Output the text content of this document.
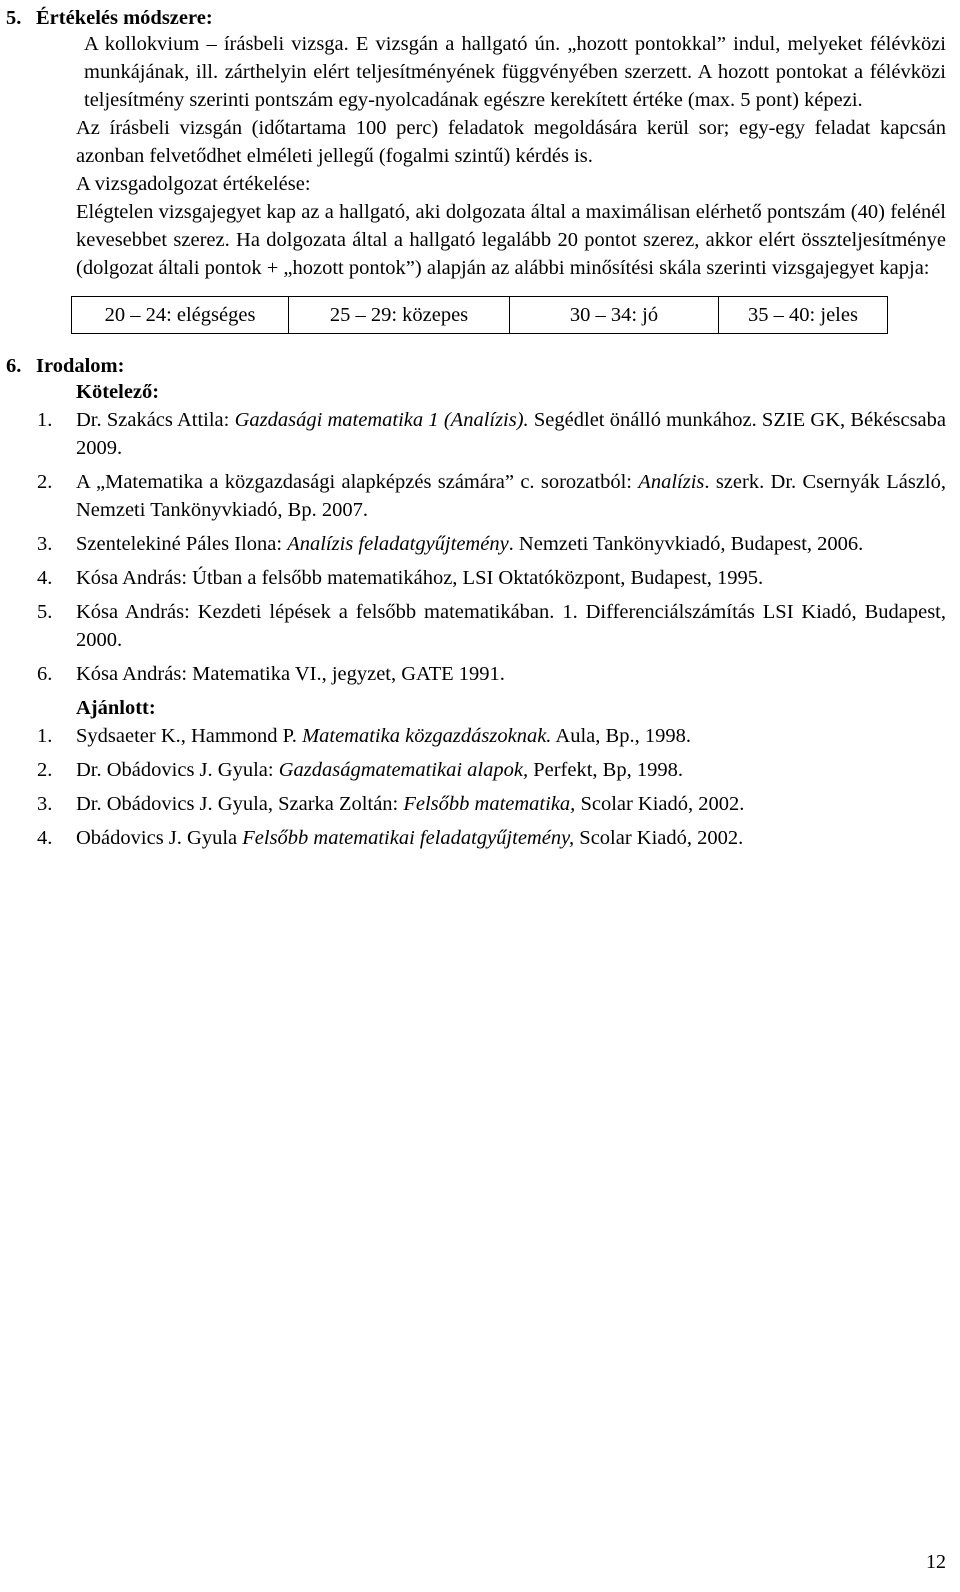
5. Értékelés módszere:

A kollokvium – írásbeli vizsga. E vizsgán a hallgató ún. „hozott pontokkal” indul, melyeket félévközi munkájának, ill. zárthelyin elért teljesítményének függvényében szerzett. A hozott pontokat a félévközi teljesítmény szerinti pontszám egy-nyolcadának egészre kerekített értéke (max. 5 pont) képezi.

Az írásbeli vizsgán (időtartama 100 perc) feladatok megoldására kerül sor; egy-egy feladat kapcsán azonban felvetődhet elméleti jellegű (fogalmi szintű) kérdés is.

A vizsgadolgozat értékelése:

Elégtelen vizsgajegyet kap az a hallgató, aki dolgozata által a maximálisan elérhető pontszám (40) felénél kevesebbet szerez. Ha dolgozata által a hallgató legalább 20 pontot szerez, akkor elért összteljesítménye (dolgozat általi pontok + „hozott pontok”) alapján az alábbi minősítési skála szerinti vizsgajegyet kapja:

20 – 24: elégséges	25 – 29: közepes	30 – 34: jó	35 – 40: jeles
6. Irodalom:
Kötelező:
1. Dr. Szakács Attila: Gazdasági matematika 1 (Analízis). Segédlet önálló munkához. SZIE GK, Békéscsaba 2009.
2. A „Matematika a közgazdasági alapképzés számára” c. sorozatból: Analízis. szerk. Dr. Csernyák László, Nemzeti Tankönyvkiadó, Bp. 2007.
3. Szentelekiné Páles Ilona: Analízis feladatgyűjtemény. Nemzeti Tankönyvkiadó, Budapest, 2006.
4. Kósa András: Útban a felsőbb matematikához, LSI Oktatóközpont, Budapest, 1995.
5. Kósa András: Kezdeti lépések a felsőbb matematikában. 1. Differenciálszámítás LSI Kiadó, Budapest, 2000.
6. Kósa András: Matematika VI., jegyzet, GATE 1991.
Ajánlott:
1. Sydsaeter K., Hammond P. Matematika közgazdászoknak. Aula, Bp., 1998.
2. Dr. Obádovics J. Gyula: Gazdaságmatematikai alapok, Perfekt, Bp, 1998.
3. Dr. Obádovics J. Gyula, Szarka Zoltán: Felsőbb matematika, Scolar Kiadó, 2002.
4. Obádovics J. Gyula Felsőbb matematikai feladatgyűjtemény, Scolar Kiadó, 2002.
12
